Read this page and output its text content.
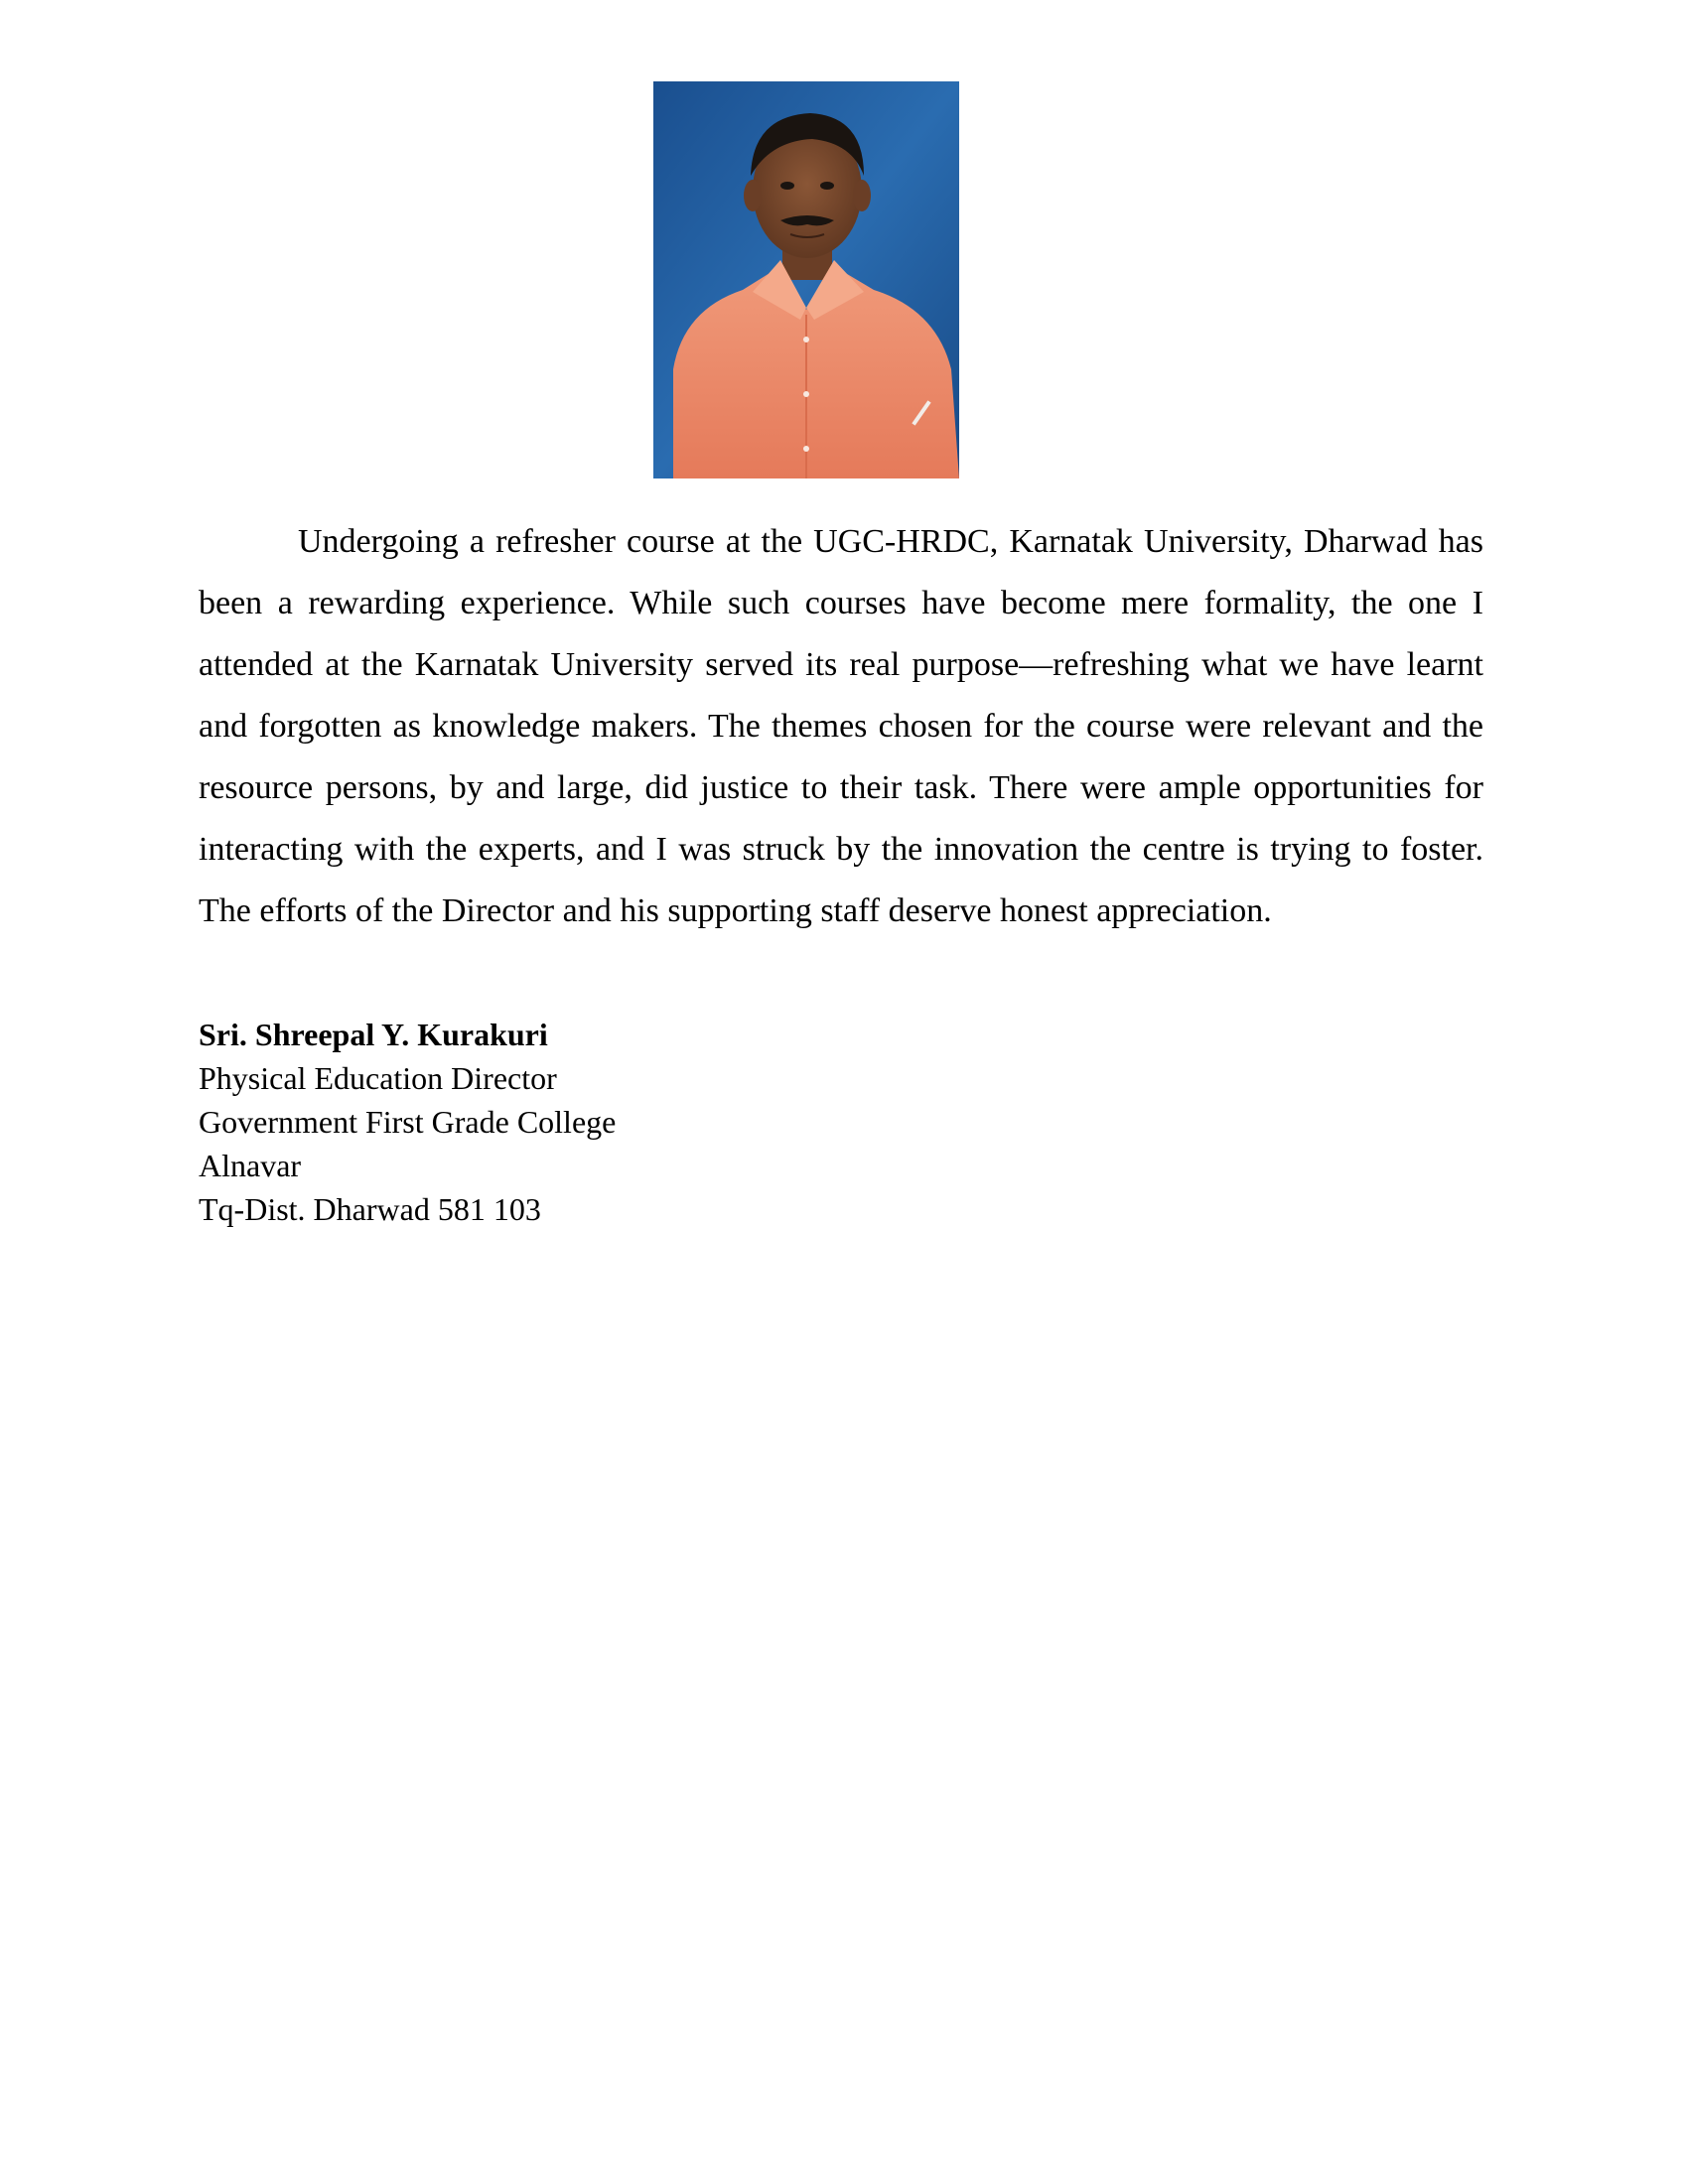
Undergoing a refresher course at the UGC-HRDC, Karnatak University, Dharwad has been a rewarding experience. While such courses have become mere formality, the one I attended at the Karnatak University served its real purpose—refreshing what we have learnt and forgotten as knowledge makers. The themes chosen for the course were relevant and the resource persons, by and large, did justice to their task. There were ample opportunities for interacting with the experts, and I was struck by the innovation the centre is trying to foster. The efforts of the Director and his supporting staff deserve honest appreciation.

Sri. Shreepal Y. Kurakuri
Physical Education Director
Government First Grade College
Alnavar
Tq-Dist. Dharwad 581 103
